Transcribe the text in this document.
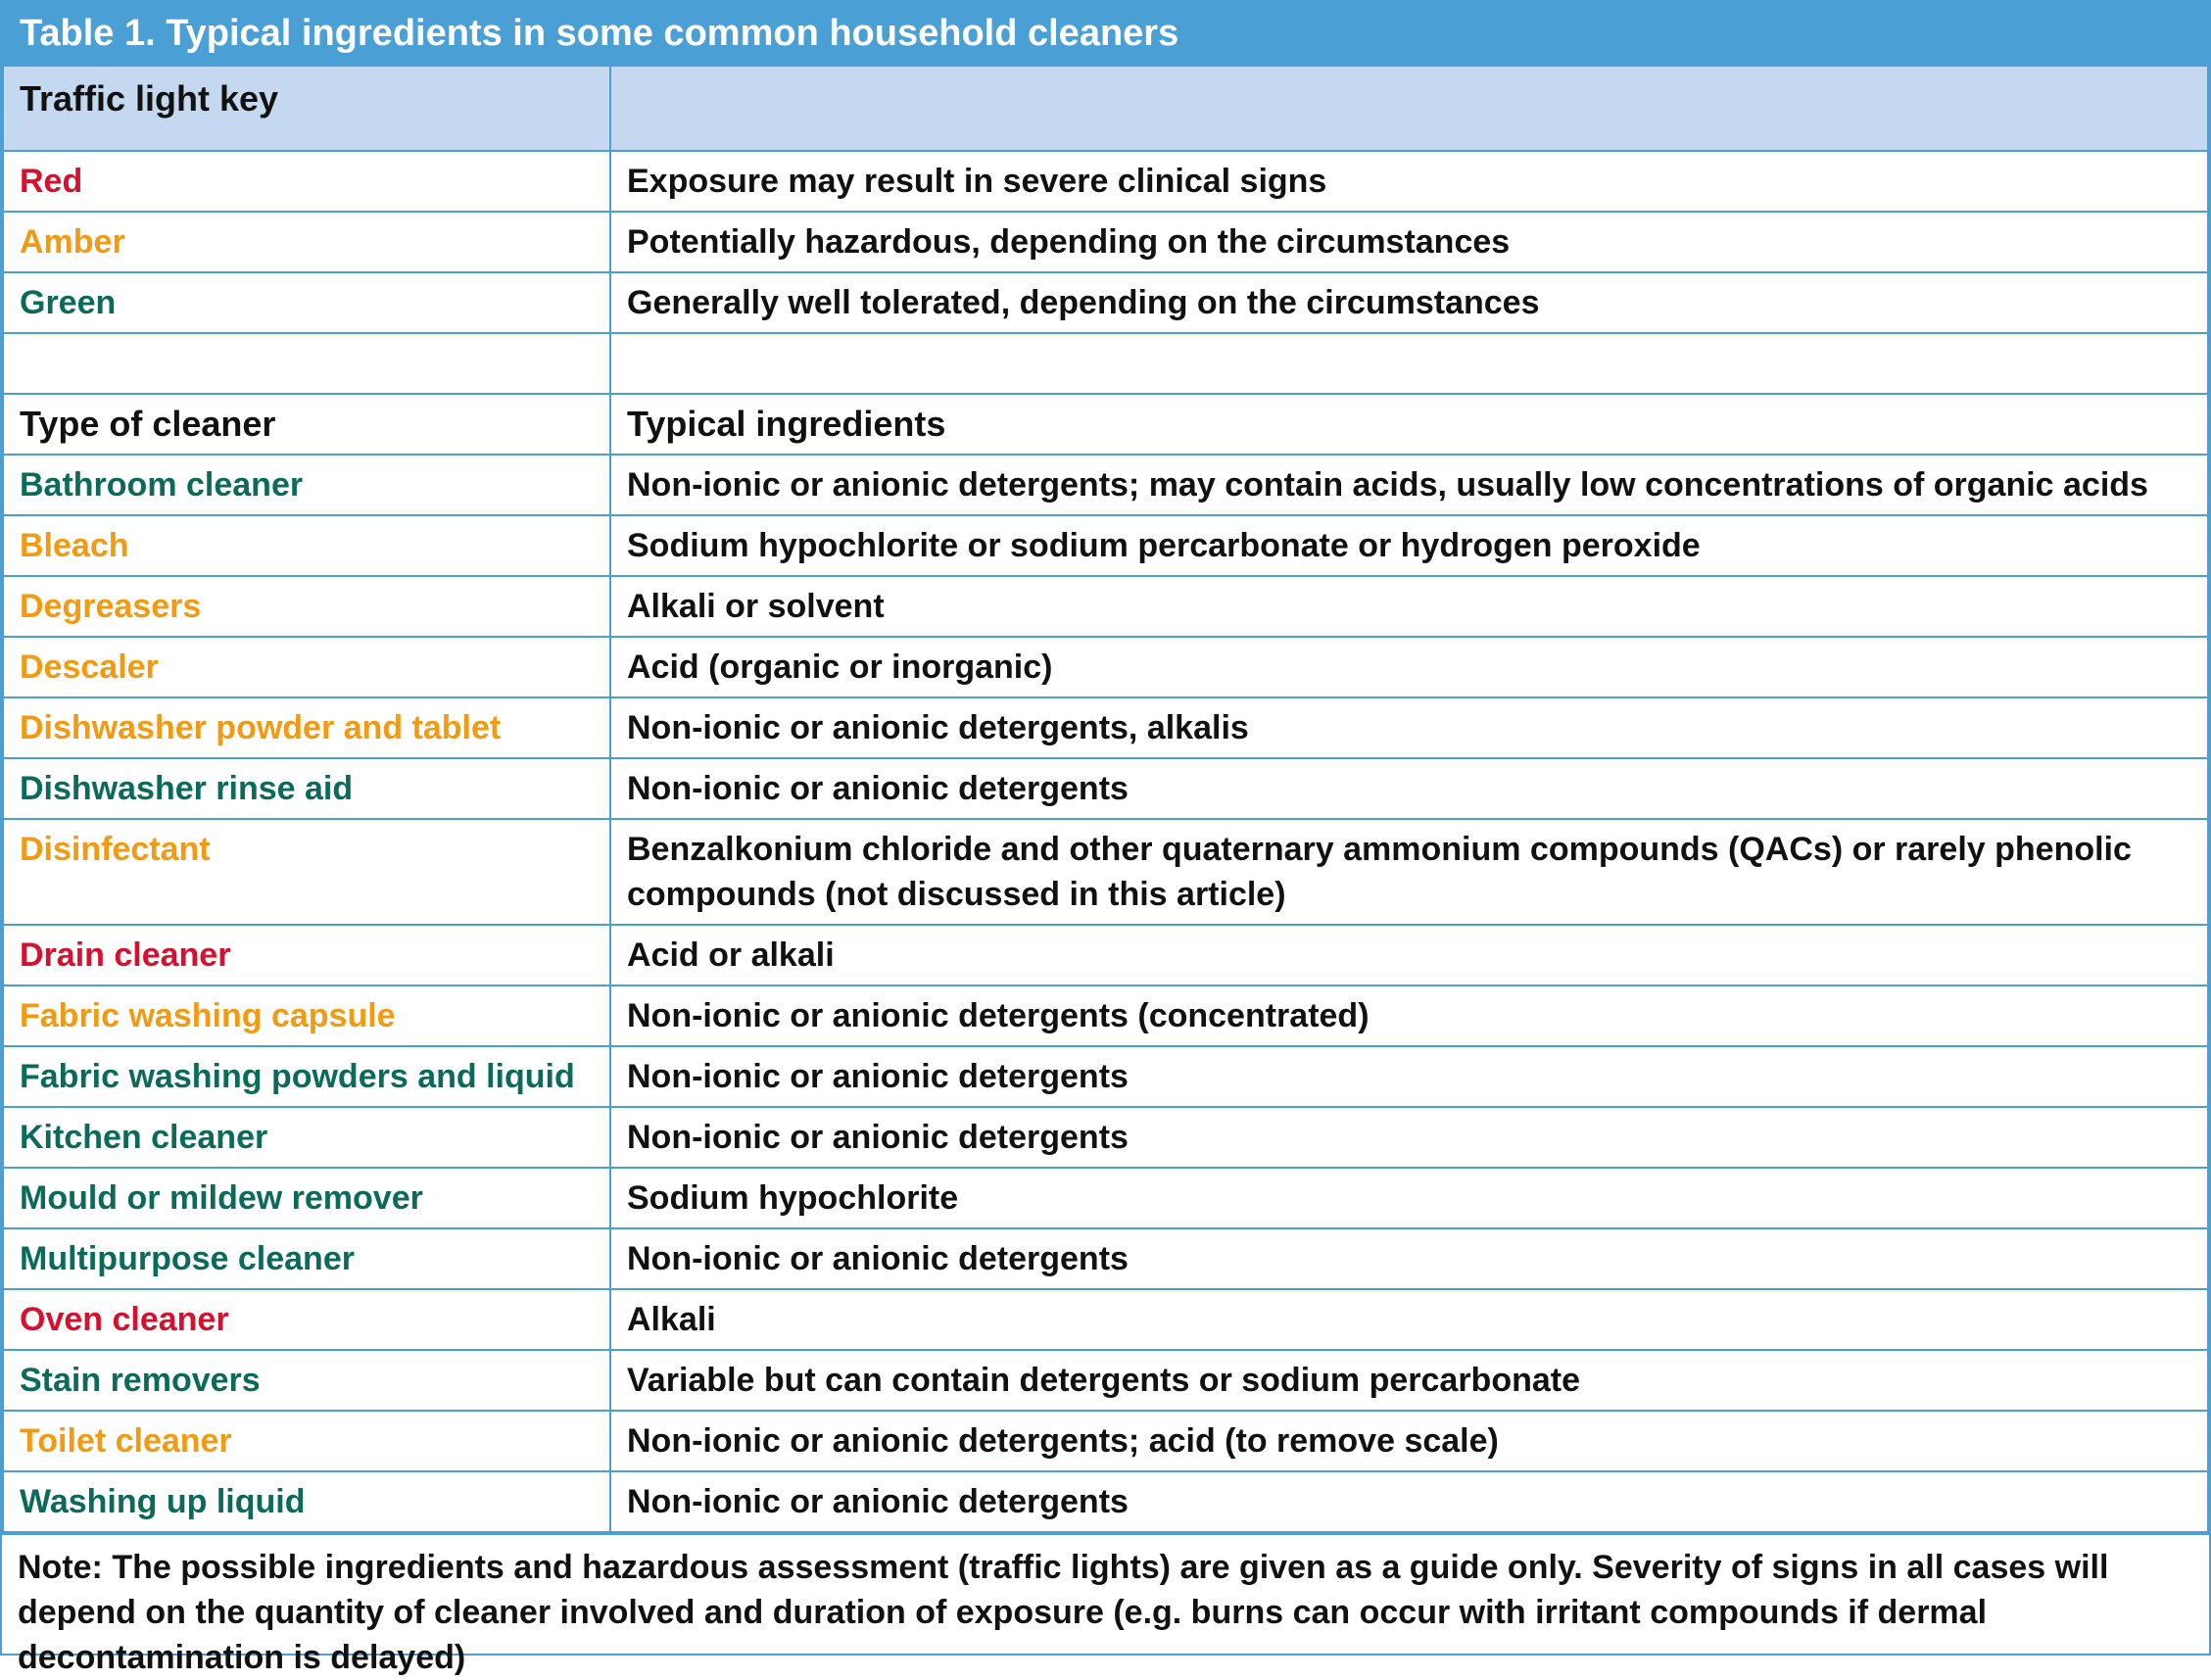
Table 1. Typical ingredients in some common household cleaners
Traffic light key	
Red	Exposure may result in severe clinical signs
Amber	Potentially hazardous, depending on the circumstances
Green	Generally well tolerated, depending on the circumstances

Type of cleaner	Typical ingredients
Bathroom cleaner	Non-ionic or anionic detergents; may contain acids, usually low concentrations of organic acids
Bleach	Sodium hypochlorite or sodium percarbonate or hydrogen peroxide
Degreasers	Alkali or solvent
Descaler	Acid (organic or inorganic)
Dishwasher powder and tablet	Non-ionic or anionic detergents, alkalis
Dishwasher rinse aid	Non-ionic or anionic detergents
Disinfectant	Benzalkonium chloride and other quaternary ammonium compounds (QACs) or rarely phenolic compounds (not discussed in this article)
Drain cleaner	Acid or alkali
Fabric washing capsule	Non-ionic or anionic detergents (concentrated)
Fabric washing powders and liquid	Non-ionic or anionic detergents
Kitchen cleaner	Non-ionic or anionic detergents
Mould or mildew remover	Sodium hypochlorite
Multipurpose cleaner	Non-ionic or anionic detergents
Oven cleaner	Alkali
Stain removers	Variable but can contain detergents or sodium percarbonate
Toilet cleaner	Non-ionic or anionic detergents; acid (to remove scale)
Washing up liquid	Non-ionic or anionic detergents
Note: The possible ingredients and hazardous assessment (traffic lights) are given as a guide only. Severity of signs in all cases will depend on the quantity of cleaner involved and duration of exposure (e.g. burns can occur with irritant compounds if dermal decontamination is delayed)
